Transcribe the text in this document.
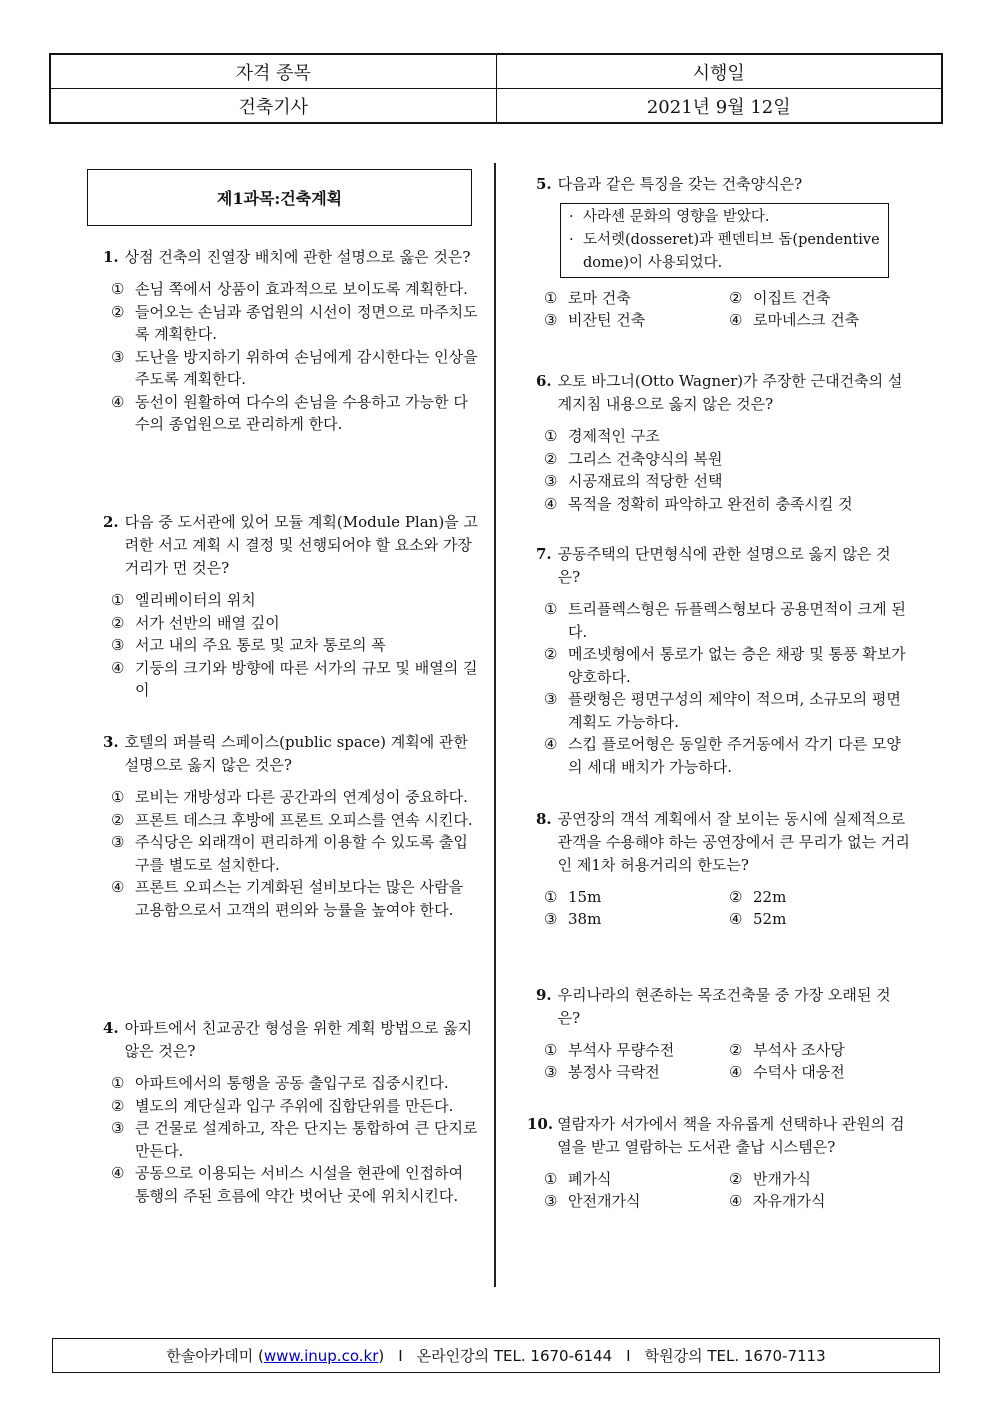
자격 종목	시행일
건축기사	2021년 9월 12일
제1과목:건축계획
1. 상점 건축의 진열장 배치에 관한 설명으로 옳은 것은?
① 손님 쪽에서 상품이 효과적으로 보이도록 계획한다.
② 들어오는 손님과 종업원의 시선이 정면으로 마주치도록 계획한다.
③ 도난을 방지하기 위하여 손님에게 감시한다는 인상을 주도록 계획한다.
④ 동선이 원활하여 다수의 손님을 수용하고 가능한 다수의 종업원으로 관리하게 한다.
2. 다음 중 도서관에 있어 모듈 계획(Module Plan)을 고려한 서고 계획 시 결정 및 선행되어야 할 요소와 가장 거리가 먼 것은?
① 엘리베이터의 위치
② 서가 선반의 배열 깊이
③ 서고 내의 주요 통로 및 교차 통로의 폭
④ 기둥의 크기와 방향에 따른 서가의 규모 및 배열의 길이
3. 호텔의 퍼블릭 스페이스(public space) 계획에 관한 설명으로 옳지 않은 것은?
① 로비는 개방성과 다른 공간과의 연계성이 중요하다.
② 프론트 데스크 후방에 프론트 오피스를 연속 시킨다.
③ 주식당은 외래객이 편리하게 이용할 수 있도록 출입구를 별도로 설치한다.
④ 프론트 오피스는 기계화된 설비보다는 많은 사람을 고용함으로서 고객의 편의와 능률을 높여야 한다.
4. 아파트에서 친교공간 형성을 위한 계획 방법으로 옳지 않은 것은?
① 아파트에서의 통행을 공동 출입구로 집중시킨다.
② 별도의 계단실과 입구 주위에 집합단위를 만든다.
③ 큰 건물로 설계하고, 작은 단지는 통합하여 큰 단지로 만든다.
④ 공동으로 이용되는 서비스 시설을 현관에 인접하여 통행의 주된 흐름에 약간 벗어난 곳에 위치시킨다.
5. 다음과 같은 특징을 갖는 건축양식은?
· 사라센 문화의 영향을 받았다.
· 도서렛(dosseret)과 펜덴티브 돔(pendentive dome)이 사용되었다.
① 로마 건축	② 이집트 건축
③ 비잔틴 건축	④ 로마네스크 건축
6. 오토 바그너(Otto Wagner)가 주장한 근대건축의 설계지침 내용으로 옳지 않은 것은?
① 경제적인 구조
② 그리스 건축양식의 복원
③ 시공재료의 적당한 선택
④ 목적을 정확히 파악하고 완전히 충족시킬 것
7. 공동주택의 단면형식에 관한 설명으로 옳지 않은 것은?
① 트리플렉스형은 듀플렉스형보다 공용면적이 크게 된다.
② 메조넷형에서 통로가 없는 층은 채광 및 통풍 확보가 양호하다.
③ 플랫형은 평면구성의 제약이 적으며, 소규모의 평면계획도 가능하다.
④ 스킵 플로어형은 동일한 주거동에서 각기 다른 모양의 세대 배치가 가능하다.
8. 공연장의 객석 계획에서 잘 보이는 동시에 실제적으로 관객을 수용해야 하는 공연장에서 큰 무리가 없는 거리인 제1차 허용거리의 한도는?
① 15m	② 22m
③ 38m	④ 52m
9. 우리나라의 현존하는 목조건축물 중 가장 오래된 것은?
① 부석사 무량수전	② 부석사 조사당
③ 봉정사 극락전	④ 수덕사 대웅전
10. 열람자가 서가에서 책을 자유롭게 선택하나 관원의 검열을 받고 열람하는 도서관 출납 시스템은?
① 폐가식	② 반개가식
③ 안전개가식	④ 자유개가식
한솔아카데미 ( www.inup.co.kr ) I 온라인강의 TEL. 1670-6144 I 학원강의 TEL. 1670-7113
